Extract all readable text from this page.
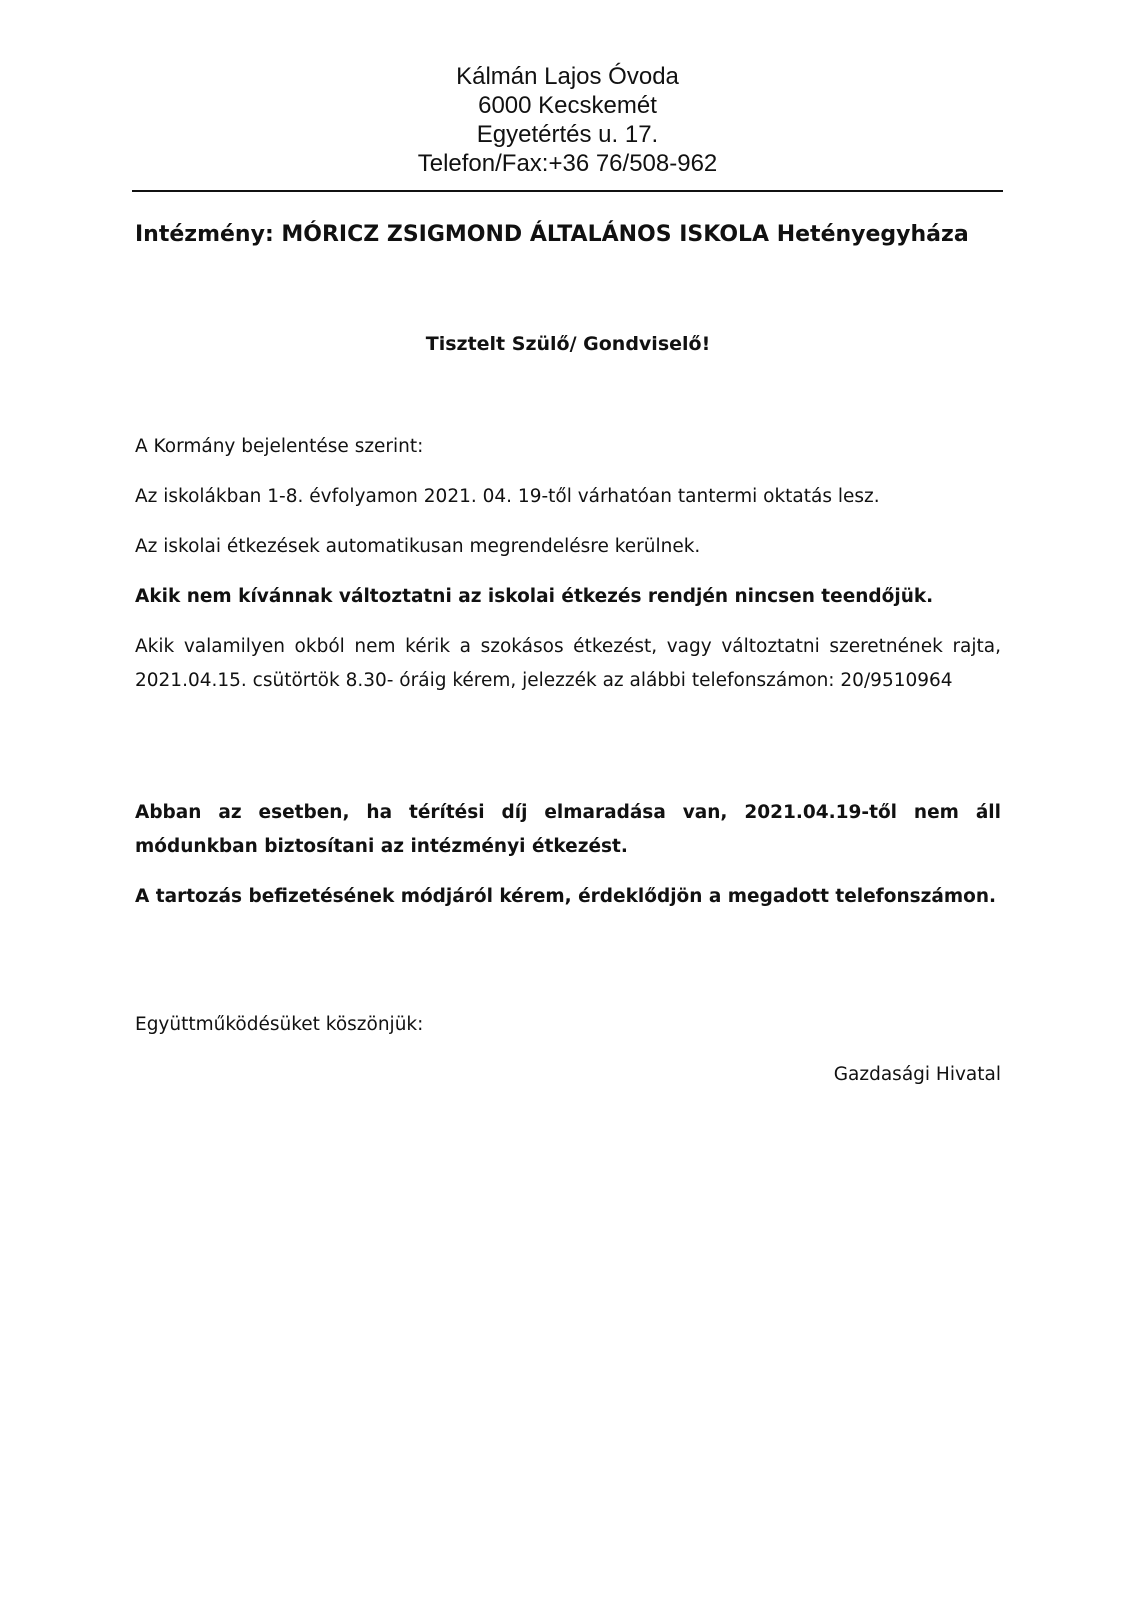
Kálmán Lajos Óvoda
6000 Kecskemét
Egyetértés u. 17.
Telefon/Fax:+36 76/508-962
Intézmény: MÓRICZ ZSIGMOND ÁLTALÁNOS ISKOLA Hetényegyháza
Tisztelt Szülő/ Gondviselő!
A Kormány bejelentése szerint:
Az iskolákban 1-8. évfolyamon 2021. 04. 19-től várhatóan tantermi oktatás lesz.
Az iskolai étkezések automatikusan megrendelésre kerülnek.
Akik nem kívánnak változtatni az iskolai étkezés rendjén nincsen teendőjük.
Akik valamilyen okból nem kérik a szokásos étkezést, vagy változtatni szeretnének rajta, 2021.04.15. csütörtök 8.30- óráig kérem, jelezzék az alábbi telefonszámon: 20/9510964
Abban az esetben, ha térítési díj elmaradása van, 2021.04.19-től nem áll módunkban biztosítani az intézményi étkezést.
A tartozás befizetésének módjáról kérem, érdeklődjön a megadott telefonszámon.
Együttműködésüket köszönjük:
Gazdasági Hivatal
